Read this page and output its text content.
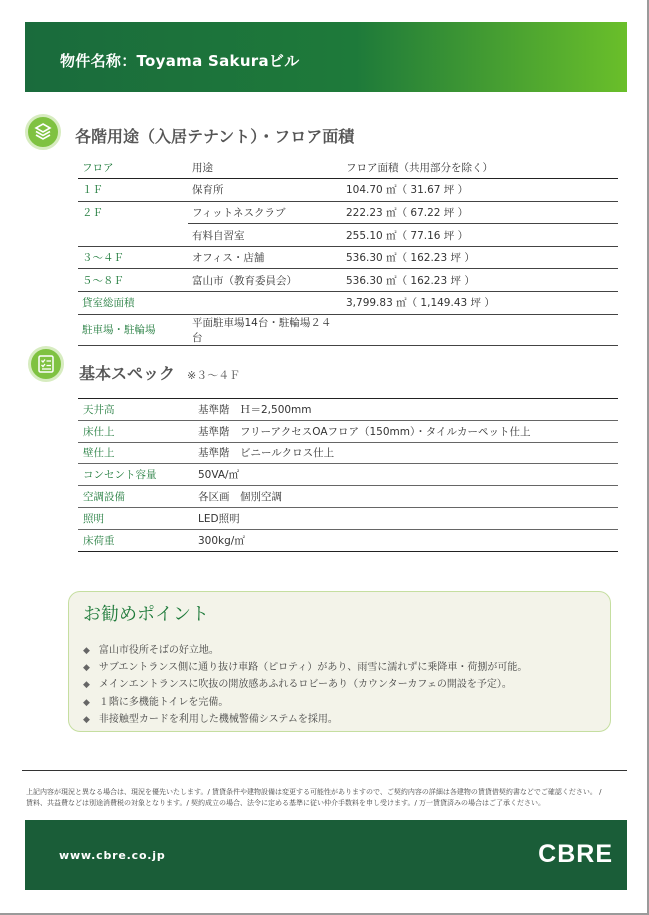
物件名称：Toyama Sakuraビル
各階用途（入居テナント）・フロア面積
フロア	用途	フロア面積（共用部分を除く）
１Ｆ	保育所	104.70 ㎡（ 31.67 坪 ）
２Ｆ	フィットネスクラブ	222.23 ㎡（ 67.22 坪 ）
	有料自習室	255.10 ㎡（ 77.16 坪 ）
３～４Ｆ	オフィス・店舗	536.30 ㎡（ 162.23 坪 ）
５～８Ｆ	富山市（教育委員会）	536.30 ㎡（ 162.23 坪 ）
貸室総面積		3,799.83 ㎡（ 1,149.43 坪 ）
駐車場・駐輪場	平面駐車場14台・駐輪場２４台	
基本スペック ※３～４Ｆ
天井高	基準階　Ｈ＝2,500mm
床仕上	基準階　フリーアクセスOAフロア（150mm）・タイルカーペット仕上
壁仕上	基準階　ビニールクロス仕上
コンセント容量	50VA/㎡
空調設備	各区画　個別空調
照明	LED照明
床荷重	300kg/㎡
お勧めポイント
◆ 富山市役所そばの好立地。
◆ サブエントランス側に通り抜け車路（ピロティ）があり、雨雪に濡れずに乗降車・荷捌が可能。
◆ メインエントランスに吹抜の開放感あふれるロビーあり（カウンターカフェの開設を予定）。
◆ １階に多機能トイレを完備。
◆ 非接触型カードを利用した機械警備システムを採用。
上記内容が現況と異なる場合は、現況を優先いたします。/ 賃貸条件や建物設備は変更する可能性がありますので、ご契約内容の詳細は各建物の賃貸借契約書などでご確認ください。 /
賃料、共益費などは別途消費税の対象となります。/ 契約成立の場合、法令に定める基準に従い仲介手数料を申し受けます。/ 万一賃貸済みの場合はご了承ください。
www.cbre.co.jp	CBRE
